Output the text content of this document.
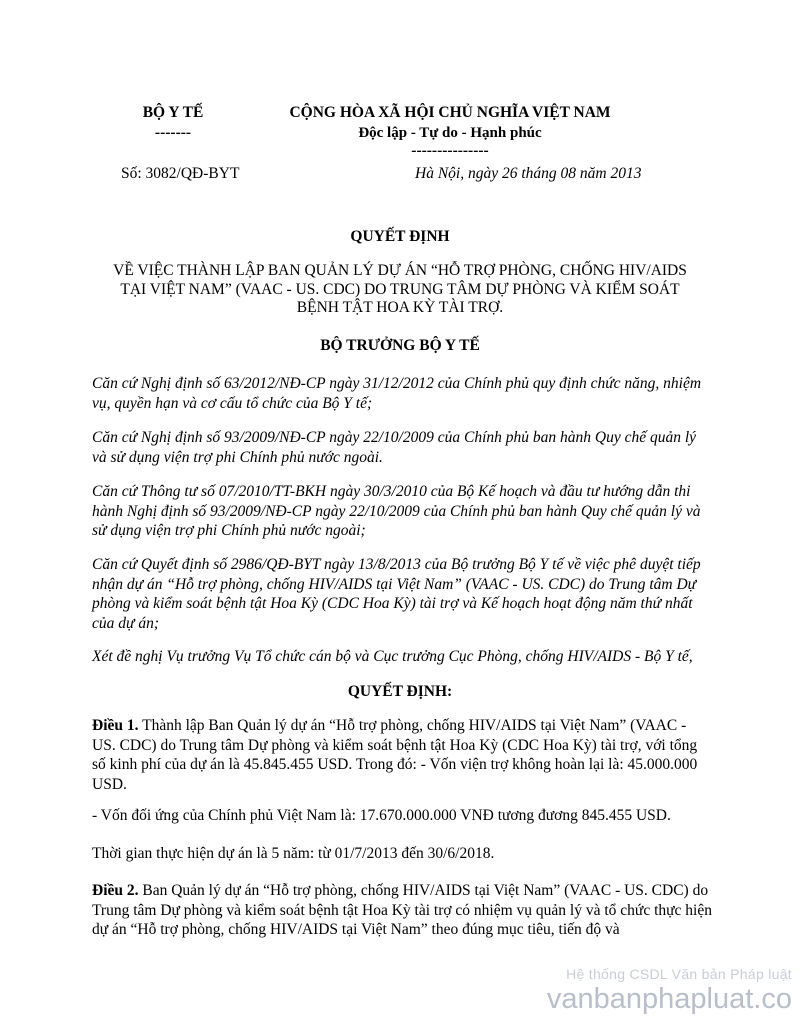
BỘ Y TẾ
-------
CỘNG HÒA XÃ HỘI CHỦ NGHĨA VIỆT NAM
Độc lập - Tự do - Hạnh phúc
---------------
Số: 3082/QĐ-BYT	Hà Nội, ngày 26 tháng 08 năm 2013
QUYẾT ĐỊNH
VỀ VIỆC THÀNH LẬP BAN QUẢN LÝ DỰ ÁN “HỖ TRỢ PHÒNG, CHỐNG HIV/AIDS TẠI VIỆT NAM” (VAAC - US. CDC) DO TRUNG TÂM DỰ PHÒNG VÀ KIỂM SOÁT BỆNH TẬT HOA KỲ TÀI TRỢ.
BỘ TRƯỞNG BỘ Y TẾ
Căn cứ Nghị định số 63/2012/NĐ-CP ngày 31/12/2012 của Chính phủ quy định chức năng, nhiệm vụ, quyền hạn và cơ cấu tổ chức của Bộ Y tế;
Căn cứ Nghị định số 93/2009/NĐ-CP ngày 22/10/2009 của Chính phủ ban hành Quy chế quản lý và sử dụng viện trợ phi Chính phủ nước ngoài.
Căn cứ Thông tư số 07/2010/TT-BKH ngày 30/3/2010 của Bộ Kế hoạch và đầu tư hướng dẫn thi hành Nghị định số 93/2009/NĐ-CP ngày 22/10/2009 của Chính phủ ban hành Quy chế quản lý và sử dụng viện trợ phi Chính phủ nước ngoài;
Căn cứ Quyết định số 2986/QĐ-BYT ngày 13/8/2013 của Bộ trưởng Bộ Y tế về việc phê duyệt tiếp nhận dự án “Hỗ trợ phòng, chống HIV/AIDS tại Việt Nam” (VAAC - US. CDC) do Trung tâm Dự phòng và kiểm soát bệnh tật Hoa Kỳ (CDC Hoa Kỳ) tài trợ và Kế hoạch hoạt động năm thứ nhất của dự án;
Xét đề nghị Vụ trưởng Vụ Tổ chức cán bộ và Cục trưởng Cục Phòng, chống HIV/AIDS - Bộ Y tế,
QUYẾT ĐỊNH:
Điều 1. Thành lập Ban Quản lý dự án “Hỗ trợ phòng, chống HIV/AIDS tại Việt Nam” (VAAC - US. CDC) do Trung tâm Dự phòng và kiểm soát bệnh tật Hoa Kỳ (CDC Hoa Kỳ) tài trợ, với tổng số kinh phí của dự án là 45.845.455 USD. Trong đó: - Vốn viện trợ không hoàn lại là: 45.000.000 USD.
- Vốn đối ứng của Chính phủ Việt Nam là: 17.670.000.000 VNĐ tương đương 845.455 USD.
Thời gian thực hiện dự án là 5 năm: từ 01/7/2013 đến 30/6/2018.
Điều 2. Ban Quản lý dự án “Hỗ trợ phòng, chống HIV/AIDS tại Việt Nam” (VAAC - US. CDC) do Trung tâm Dự phòng và kiểm soát bệnh tật Hoa Kỳ tài trợ có nhiệm vụ quản lý và tổ chức thực hiện dự án “Hỗ trợ phòng, chống HIV/AIDS tại Việt Nam” theo đúng mục tiêu, tiến độ và
Hệ thống CSDL Văn bản Pháp luật
vanbanphapluat.co
